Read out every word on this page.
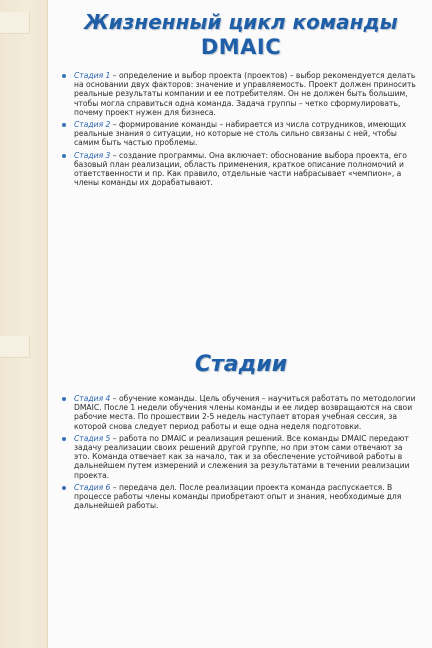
Жизненный цикл команды
DMAIC
Стадия 1 – определение и выбор проекта (проектов) – выбор рекомендуется делать на основании двух факторов: значение и управляемость. Проект должен приносить реальные результаты компании и ее потребителям. Он не должен быть большим, чтобы могла справиться одна команда. Задача группы – четко сформулировать, почему проект нужен для бизнеса.
Стадия 2 – формирование команды – набирается из числа сотрудников, имеющих реальные знания о ситуации, но которые не столь сильно связаны с ней, чтобы самим быть частью проблемы.
Стадия 3 – создание программы. Она включает: обоснование выбора проекта, его базовый план реализации, область применения, краткое описание полномочий и ответственности и пр. Как правило, отдельные части набрасывает «чемпион», а члены команды их дорабатывают.
Стадии
Стадия 4 – обучение команды. Цель обучения – научиться работать по методологии DMAIC. После 1 недели обучения члены команды и ее лидер возвращаются на свои рабочие места. По прошествии 2-5 недель наступает вторая учебная сессия, за которой снова следует период работы и еще одна неделя подготовки.
Стадия 5 – работа по DMAIC и реализация решений. Все команды DMAIC передают задачу реализации своих решений другой группе, но при этом сами отвечают за это. Команда отвечает как за начало, так и за обеспечение устойчивой работы в дальнейшем путем измерений и слежения за результатами в течении реализации проекта.
Стадия 6 – передача дел. После реализации проекта команда распускается. В процессе работы члены команды приобретают опыт и знания, необходимые для дальнейшей работы.
